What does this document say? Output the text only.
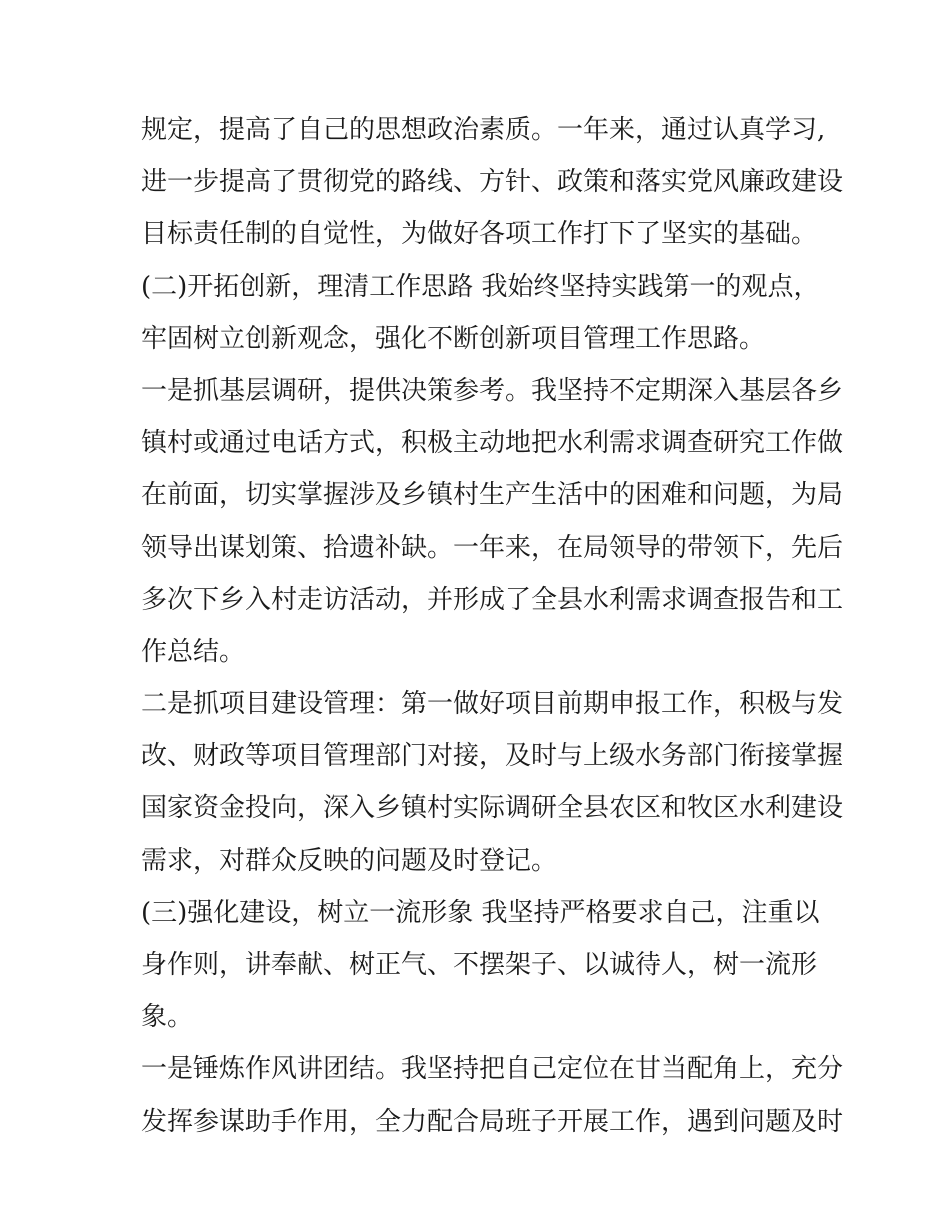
规定，提高了自己的思想政治素质。一年来，通过认真学习,
进一步提高了贯彻党的路线、方针、政策和落实党风廉政建设
目标责任制的自觉性，为做好各项工作打下了坚实的基础。
(二)开拓创新，理清工作思路 我始终坚持实践第一的观点，
牢固树立创新观念，强化不断创新项目管理工作思路。
一是抓基层调研，提供决策参考。我坚持不定期深入基层各乡
镇村或通过电话方式，积极主动地把水利需求调查研究工作做
在前面，切实掌握涉及乡镇村生产生活中的困难和问题，为局
领导出谋划策、拾遗补缺。一年来，在局领导的带领下，先后
多次下乡入村走访活动，并形成了全县水利需求调查报告和工
作总结。
二是抓项目建设管理：第一做好项目前期申报工作，积极与发
改、财政等项目管理部门对接，及时与上级水务部门衔接掌握
国家资金投向，深入乡镇村实际调研全县农区和牧区水利建设
需求，对群众反映的问题及时登记。
(三)强化建设，树立一流形象 我坚持严格要求自己，注重以
身作则，讲奉献、树正气、不摆架子、以诚待人，树一流形
象。
一是锤炼作风讲团结。我坚持把自己定位在甘当配角上，充分
发挥参谋助手作用，全力配合局班子开展工作，遇到问题及时
